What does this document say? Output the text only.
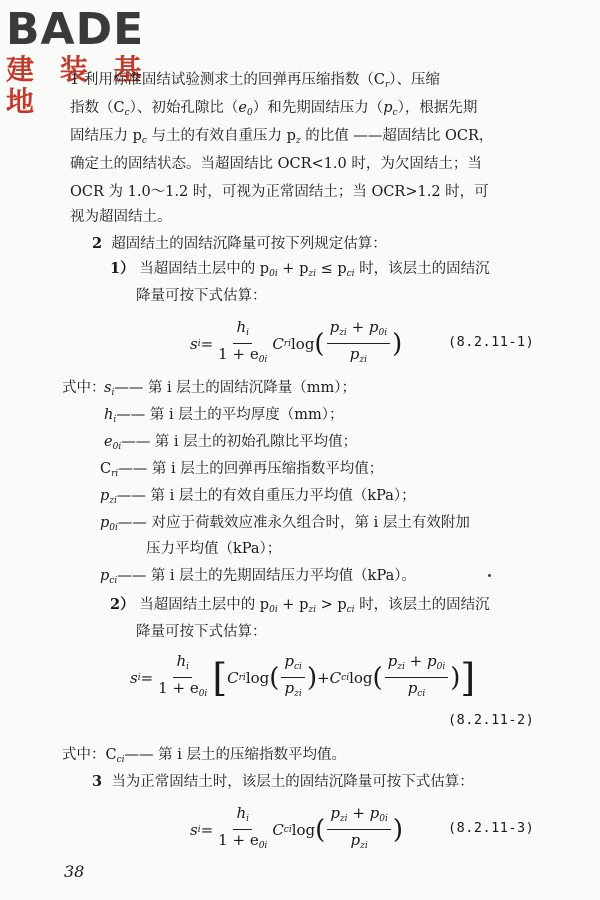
BADE
建 装 基 地
1 利用标准固结试验测求土的回弹再压缩指数$(C_r)$、压缩
指数$(C_c)$、初始孔隙比$(e_0)$和先期固结压力$(p_c)$，根据先期
固结压力 $p_c$ 与土的有效自重压力 $p_z$ 的比值 ——超固结比 OCR，
确定土的固结状态。当超固结比 OCR<1.0 时，为欠固结土；当
OCR 为 1.0～1.2 时，可视为正常固结土；当 OCR>1.2 时，可
视为超固结土。
2 超固结土的固结沉降量可按下列规定估算：
1） 当超固结土层中的 $p_{0i} + p_{zi} \le p_{ci}$ 时，该层土的固结沉
降量可按下式估算：
s $i = \frac{h_i}{1 + e_{0i}}$ C ri log ( $\frac{p_{zi} + p_{0i}}{p_{zi}}$ )	(8.2.11-1)
式中：
$s_i——$ 第 i 层土的固结沉降量（mm）；
$h_i——$ 第 i 层土的平均厚度（mm）；
$e_{0i}——$ 第 i 层土的初始孔隙比平均值；
$C_{ri}——$ 第 i 层土的回弹再压缩指数平均值；
$p_{zi}——$ 第 i 层土的有效自重压力平均值（kPa）；
$p_{0i}——$ 对应于荷载效应准永久组合时，第 i 层土有效附加
压力平均值（kPa）；
$p_{ci}——$ 第 i 层土的先期固结压力平均值（kPa）。
2） 当超固结土层中的 $p_{0i} + p_{zi} > p_{ci}$ 时，该层土的固结沉
降量可按下式估算：
s $i = \frac{h_i}{1 + e_{0i}}$ [ C ri log ( $\frac{p_{ci}}{p_{zi}}$ ) + C ci log ( $\frac{p_{zi} + p_{0i}}{p_{ci}}$ ) ]
(8.2.11-2)
式中：$C_{ci}——$ 第 i 层土的压缩指数平均值。
3 当为正常固结土时，该层土的固结沉降量可按下式估算：
s $i = \frac{h_i}{1 + e_{0i}}$ C ci log ( $\frac{p_{zi} + p_{0i}}{p_{zi}}$ )	(8.2.11-3)
38
